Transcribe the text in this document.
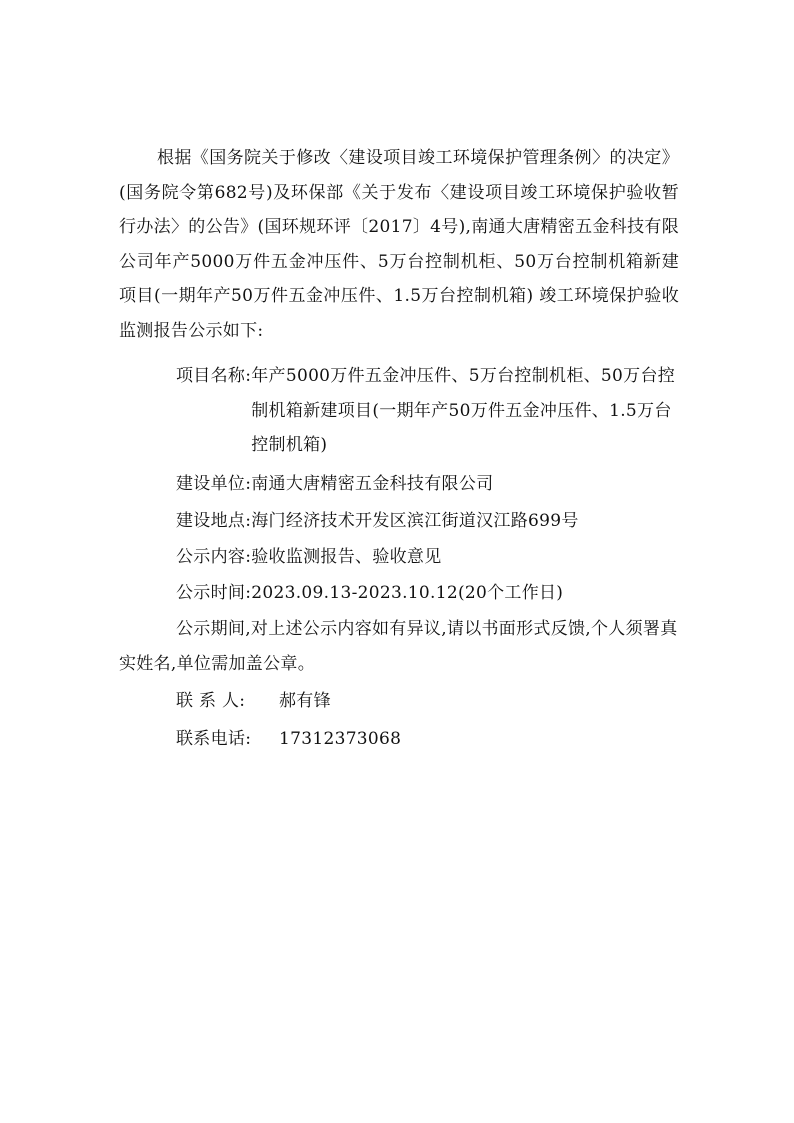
根据《国务院关于修改〈建设项目竣工环境保护管理条例〉的决定》(国务院令第682号)及环保部《关于发布〈建设项目竣工环境保护验收暂行办法〉的公告》(国环规环评〔2017〕4号),南通大唐精密五金科技有限公司年产5000万件五金冲压件、5万台控制机柜、50万台控制机箱新建项目(一期年产50万件五金冲压件、1.5万台控制机箱) 竣工环境保护验收监测报告公示如下:

项目名称: 年产5000万件五金冲压件、5万台控制机柜、50万台控制机箱新建项目(一期年产50万件五金冲压件、1.5万台控制机箱)
建设单位: 南通大唐精密五金科技有限公司
建设地点: 海门经济技术开发区滨江街道汉江路699号
公示内容: 验收监测报告、验收意见
公示时间: 2023.09.13-2023.10.12(20个工作日)

公示期间,对上述公示内容如有异议,请以书面形式反馈,个人须署真实姓名,单位需加盖公章。

联 系 人:	郝有锋
联系电话:	17312373068
